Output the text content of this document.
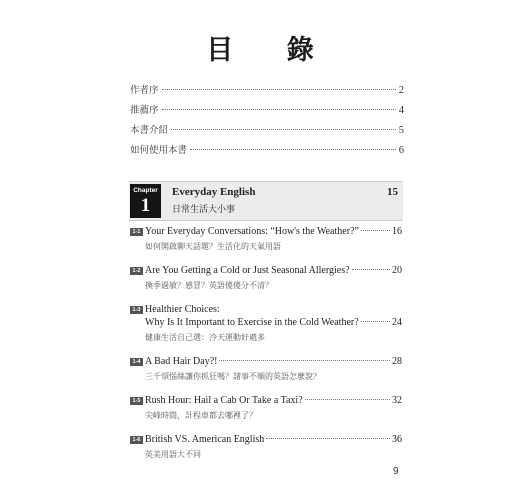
目 錄
作者序	2
推薦序	4
本書介紹	5
如何使用本書	6
Chapter
1
Everyday English
日常生活大小事
15
1-1 Your Everyday Conversations: “How's the Weather?”	16
如何開啟聊天話題？生活化的天氣用語
1-2 Are You Getting a Cold or Just Seasonal Allergies?	20
換季過敏？感冒？英語傻傻分不清？
1-3 Healthier Choices:
Why Is It Important to Exercise in the Cold Weather?	24
健康生活自己選：冷天運動好處多
1-4 A Bad Hair Day?!	28
三千煩惱絲讓你抓狂嗎？諸事不順的英語怎麼說？
1-5 Rush Hour: Hail a Cab Or Take a Taxi?	32
尖峰時間，計程車都去哪裡了？
1-6 British VS. American English	36
英美用語大不同
9
